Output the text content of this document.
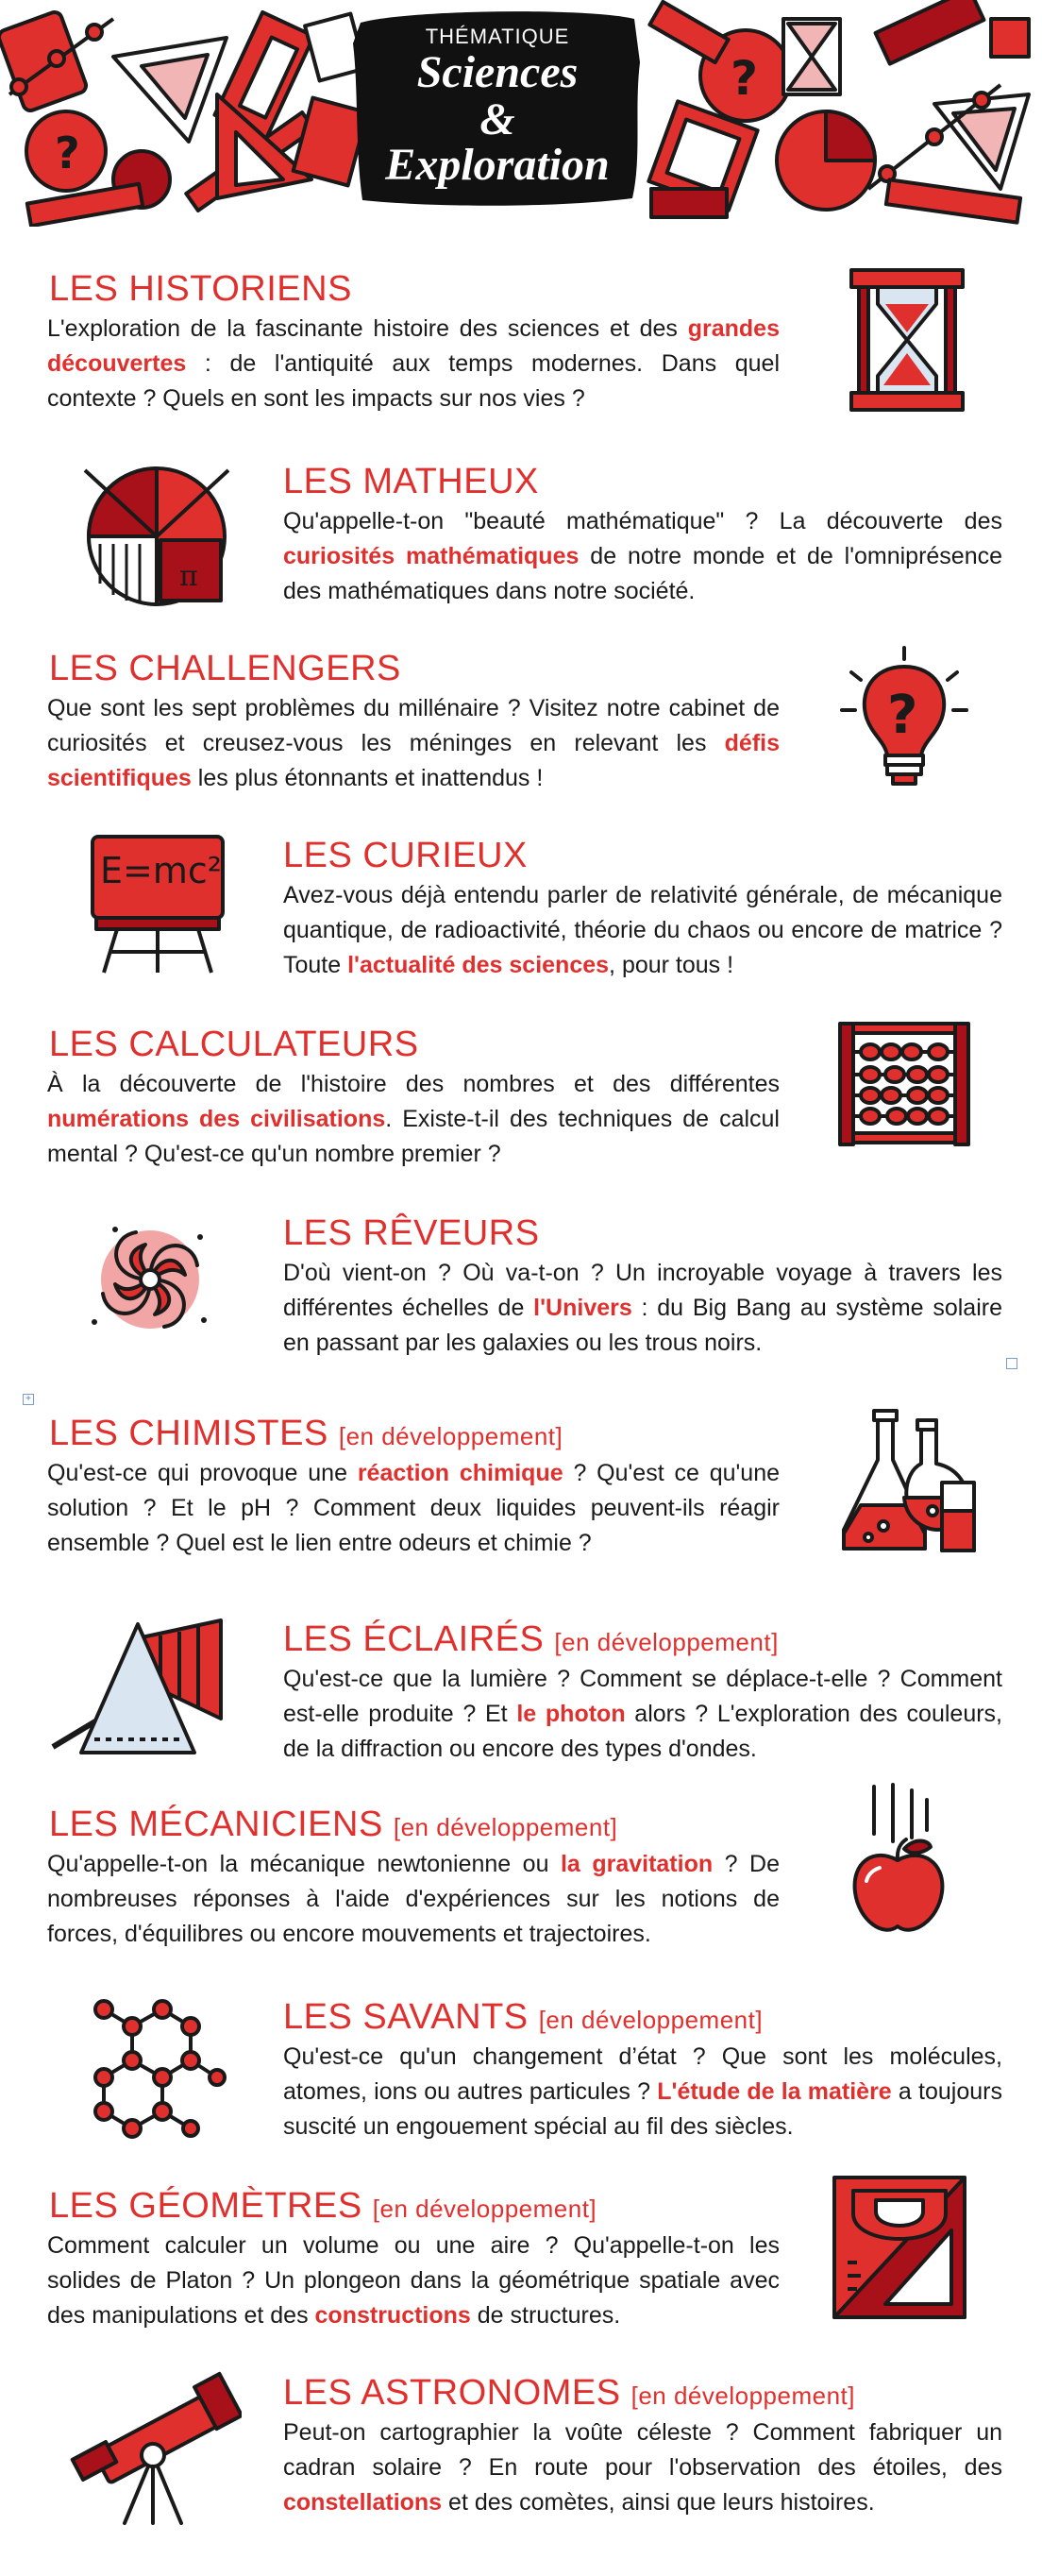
?
?
THÉMATIQUE
Sciences
&
Exploration
LES HISTORIENS
L'exploration de la fascinante histoire des sciences et des grandes découvertes : de l'antiquité aux temps modernes. Dans quel contexte ? Quels en sont les impacts sur nos vies ?
LES MATHEUX
Qu'appelle-t-on "beauté mathématique" ? La découverte des curiosités mathématiques de notre monde et de l'omniprésence des mathématiques dans notre société.
π
LES CHALLENGERS
Que sont les sept problèmes du millénaire ? Visitez notre cabinet de curiosités et creusez-vous les méninges en relevant les défis scientifiques les plus étonnants et inattendus !
?
LES CURIEUX
Avez-vous déjà entendu parler de relativité générale, de mécanique quantique, de radioactivité, théorie du chaos ou encore de matrice ? Toute l'actualité des sciences, pour tous !
E=mc²
LES CALCULATEURS
À la découverte de l'histoire des nombres et des différentes numérations des civilisations. Existe-t-il des techniques de calcul mental ? Qu'est-ce qu'un nombre premier ?
LES RÊVEURS
D'où vient-on ? Où va-t-on ? Un incroyable voyage à travers les différentes échelles de l'Univers : du Big Bang au système solaire en passant par les galaxies ou les trous noirs.
+
LES CHIMISTES [en développement]
Qu'est-ce qui provoque une réaction chimique ? Qu'est ce qu'une solution ? Et le pH ? Comment deux liquides peuvent-ils réagir ensemble ? Quel est le lien entre odeurs et chimie ?
LES ÉCLAIRÉS [en développement]
Qu'est-ce que la lumière ? Comment se déplace-t-elle ? Comment est-elle produite ? Et le photon alors ? L'exploration des couleurs, de la diffraction ou encore des types d'ondes.
LES MÉCANICIENS [en développement]
Qu'appelle-t-on la mécanique newtonienne ou la gravitation ? De nombreuses réponses à l'aide d'expériences sur les notions de forces, d'équilibres ou encore mouvements et trajectoires.
LES SAVANTS [en développement]
Qu'est-ce qu'un changement d’état ? Que sont les molécules, atomes, ions ou autres particules ? L'étude de la matière a toujours suscité un engouement spécial au fil des siècles.
LES GÉOMÈTRES [en développement]
Comment calculer un volume ou une aire ? Qu'appelle-t-on les solides de Platon ? Un plongeon dans la géométrique spatiale avec des manipulations et des constructions de structures.
LES ASTRONOMES [en développement]
Peut-on cartographier la voûte céleste ? Comment fabriquer un cadran solaire ? En route pour l'observation des étoiles, des constellations et des comètes, ainsi que leurs histoires.
